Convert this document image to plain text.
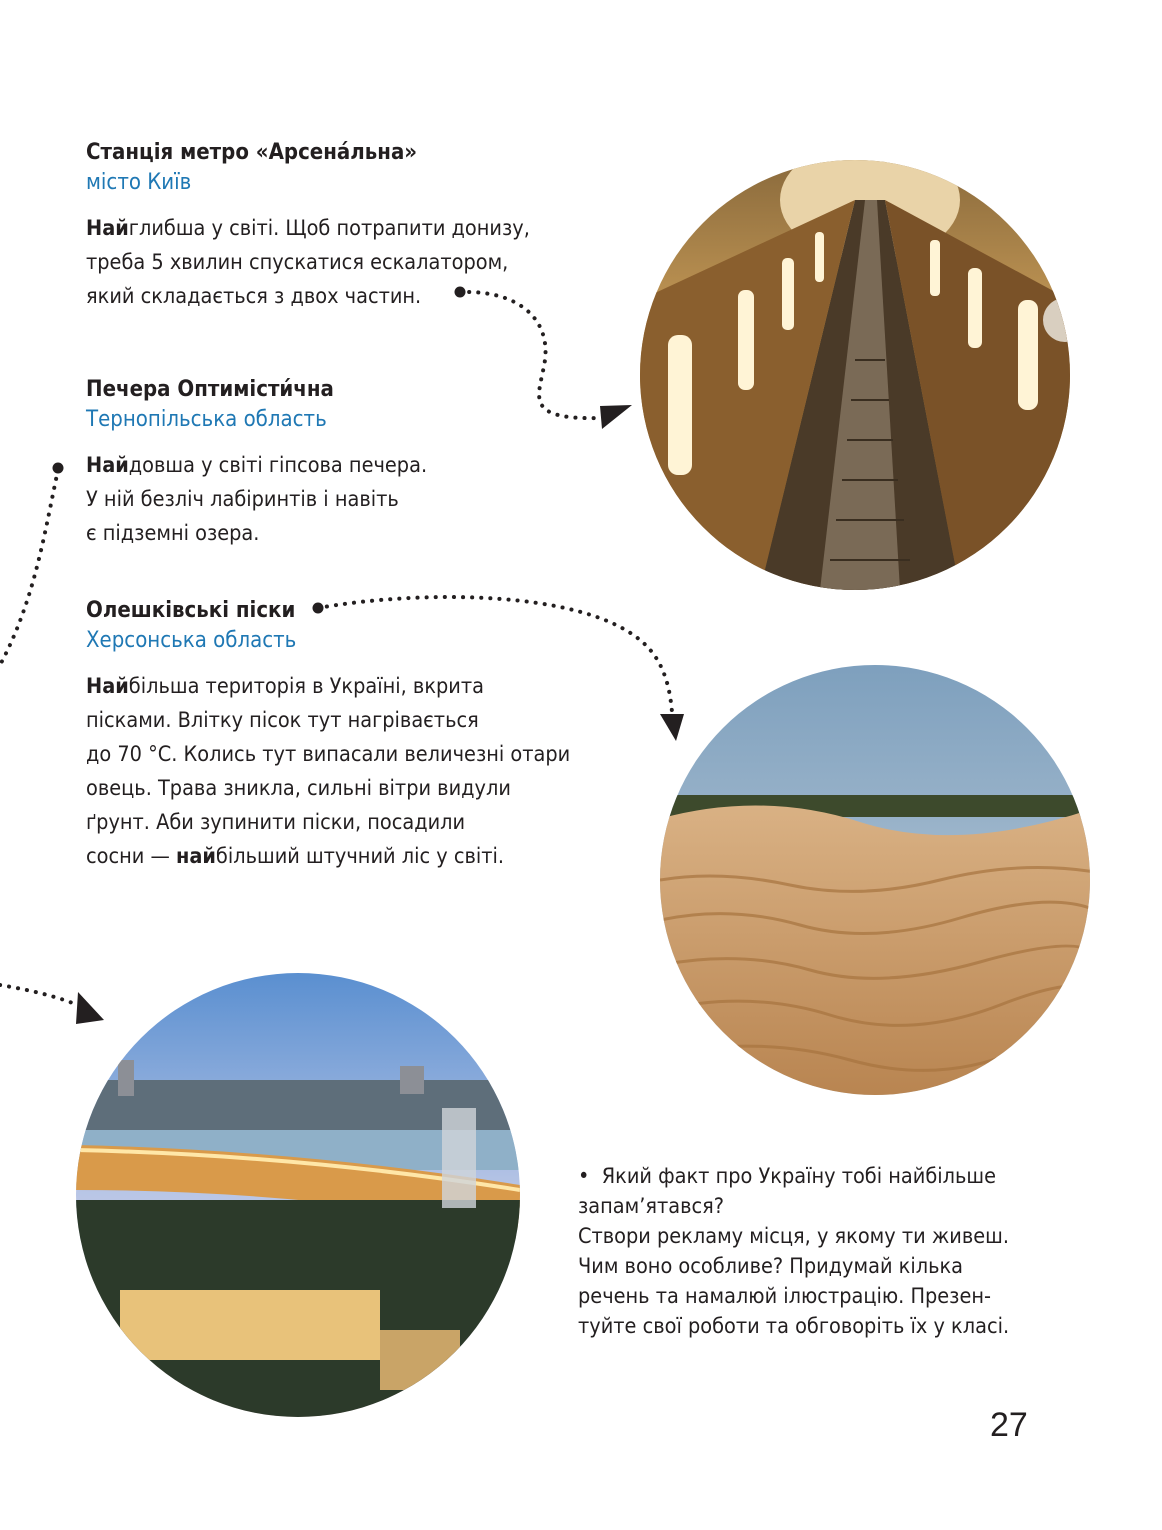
Станція метро «Арсена́льна»

місто Київ

Найглибша у світі. Щоб потрапити донизу,
треба 5 хвилин спускатися ескалатором,
який складається з двох частин.

Печера Оптимісти́чна

Тернопільська область

Найдовша у світі гіпсова печера.
У ній безліч лабіринтів і навіть
є підземні озера.

Олешківські піски

Херсонська область

Найбільша територія в Україні, вкрита
пісками. Влітку пісок тут нагрівається
до 70 °С. Колись тут випасали величезні отари
овець. Трава зникла, сильні вітри видули
ґрунт. Аби зупинити піски, посадили
сосни — найбільший штучний ліс у світі.

• Який факт про Україну тобі найбільше
запам’ятався?
Створи рекламу місця, у якому ти живеш.
Чим воно особливе? Придумай кілька
речень та намалюй ілюстрацію. Презен-
туйте свої роботи та обговоріть їх у класі.
27
